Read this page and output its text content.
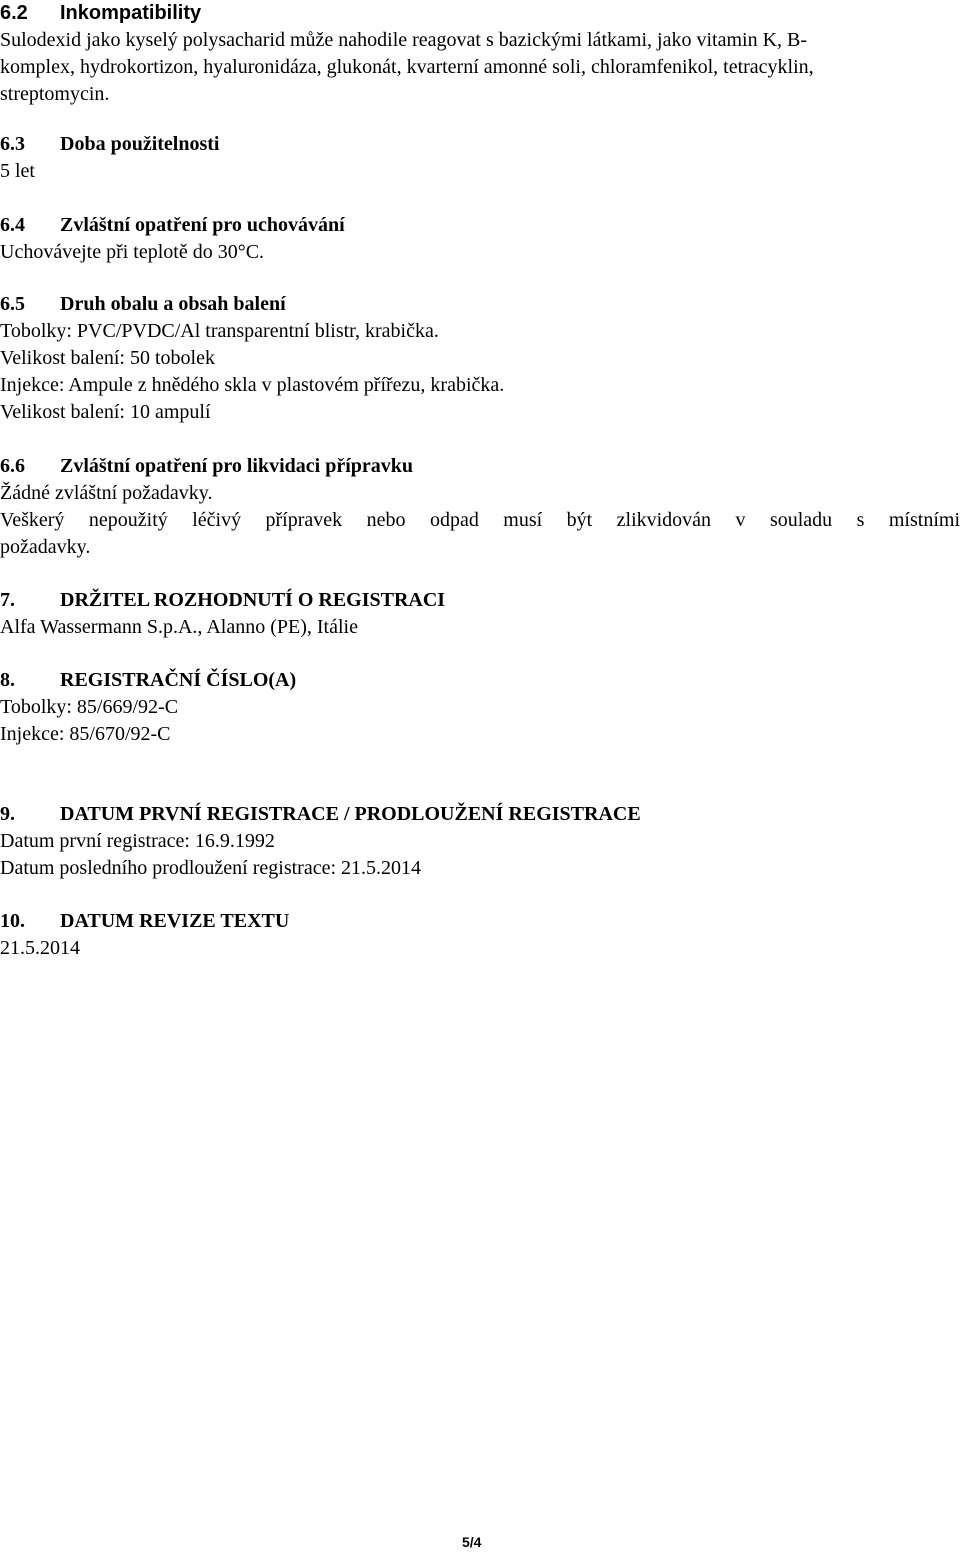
6.2 Inkompatibility
Sulodexid jako kyselý polysacharid může nahodile reagovat s bazickými látkami, jako vitamin K, B-
komplex, hydrokortizon, hyaluronidáza, glukonát, kvarterní amonné soli, chloramfenikol, tetracyklin,
streptomycin.
6.3 Doba použitelnosti
5 let
6.4 Zvláštní opatření pro uchovávání
Uchovávejte při teplotě do 30°C.
6.5 Druh obalu a obsah balení
Tobolky: PVC/PVDC/Al transparentní blistr, krabička.
Velikost balení: 50 tobolek
Injekce: Ampule z hnědého skla v plastovém přířezu, krabička.
Velikost balení: 10 ampulí
6.6 Zvláštní opatření pro likvidaci přípravku
Žádné zvláštní požadavky.
Veškerý nepoužitý léčivý přípravek nebo odpad musí být zlikvidován v souladu s místními
požadavky.
7. DRŽITEL ROZHODNUTÍ O REGISTRACI
Alfa Wassermann S.p.A., Alanno (PE), Itálie
8. REGISTRAČNÍ ČÍSLO(A)
Tobolky: 85/669/92-C
Injekce: 85/670/92-C
9. DATUM PRVNÍ REGISTRACE / PRODLOUŽENÍ REGISTRACE
Datum první registrace: 16.9.1992
Datum posledního prodloužení registrace: 21.5.2014
10. DATUM REVIZE TEXTU
21.5.2014
5/4
